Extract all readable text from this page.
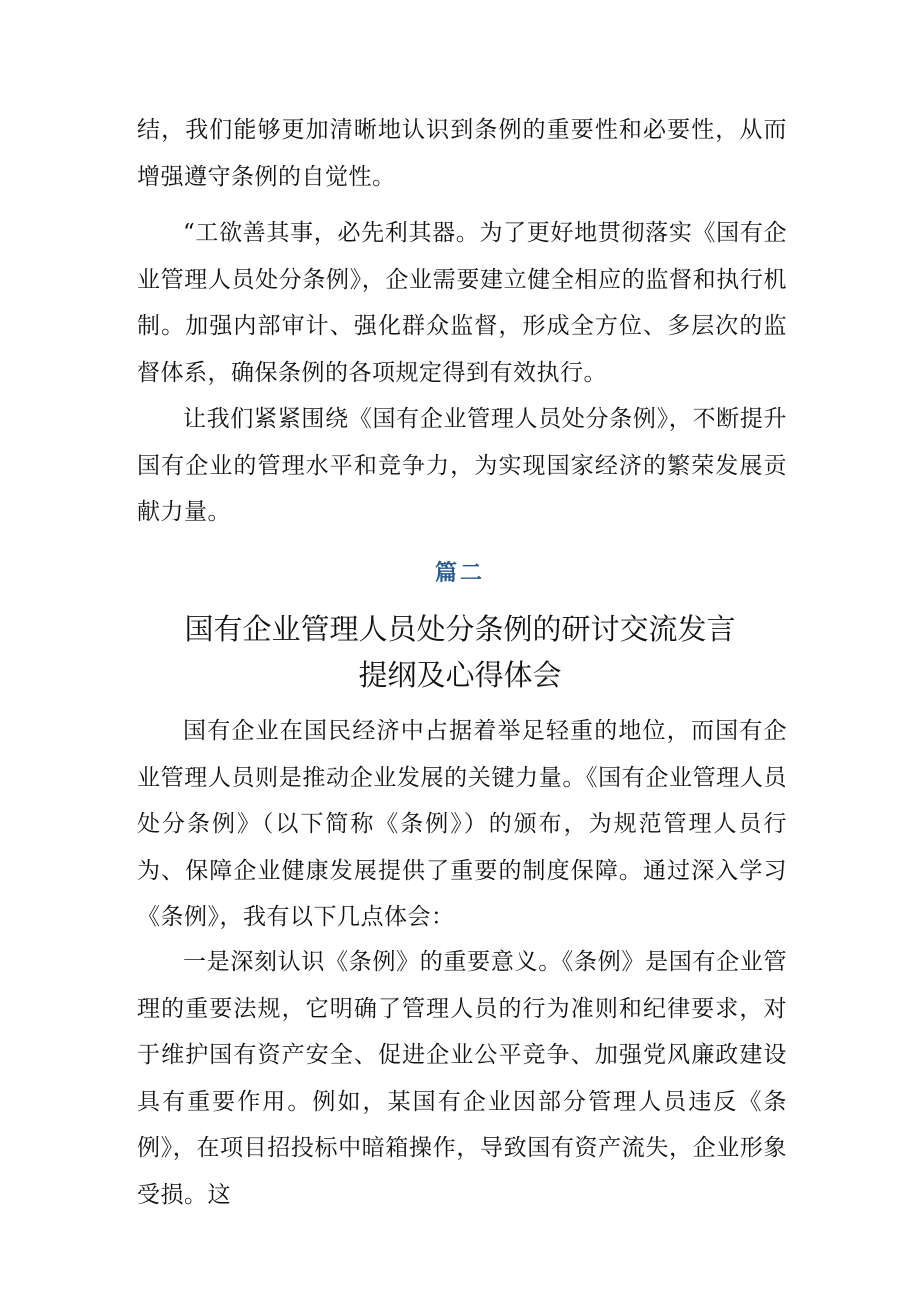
结，我们能够更加清晰地认识到条例的重要性和必要性，从而增强遵守条例的自觉性。

“工欲善其事，必先利其器。为了更好地贯彻落实《国有企业管理人员处分条例》，企业需要建立健全相应的监督和执行机制。加强内部审计、强化群众监督，形成全方位、多层次的监督体系，确保条例的各项规定得到有效执行。

让我们紧紧围绕《国有企业管理人员处分条例》，不断提升国有企业的管理水平和竞争力，为实现国家经济的繁荣发展贡献力量。

篇二
国有企业管理人员处分条例的研讨交流发言提纲及心得体会

国有企业在国民经济中占据着举足轻重的地位，而国有企业管理人员则是推动企业发展的关键力量。《国有企业管理人员处分条例》（以下简称《条例》）的颁布，为规范管理人员行为、保障企业健康发展提供了重要的制度保障。通过深入学习《条例》，我有以下几点体会：

一是深刻认识《条例》的重要意义。《条例》是国有企业管理的重要法规，它明确了管理人员的行为准则和纪律要求，对于维护国有资产安全、促进企业公平竞争、加强党风廉政建设具有重要作用。例如，某国有企业因部分管理人员违反《条例》，在项目招投标中暗箱操作，导致国有资产流失，企业形象受损。这
